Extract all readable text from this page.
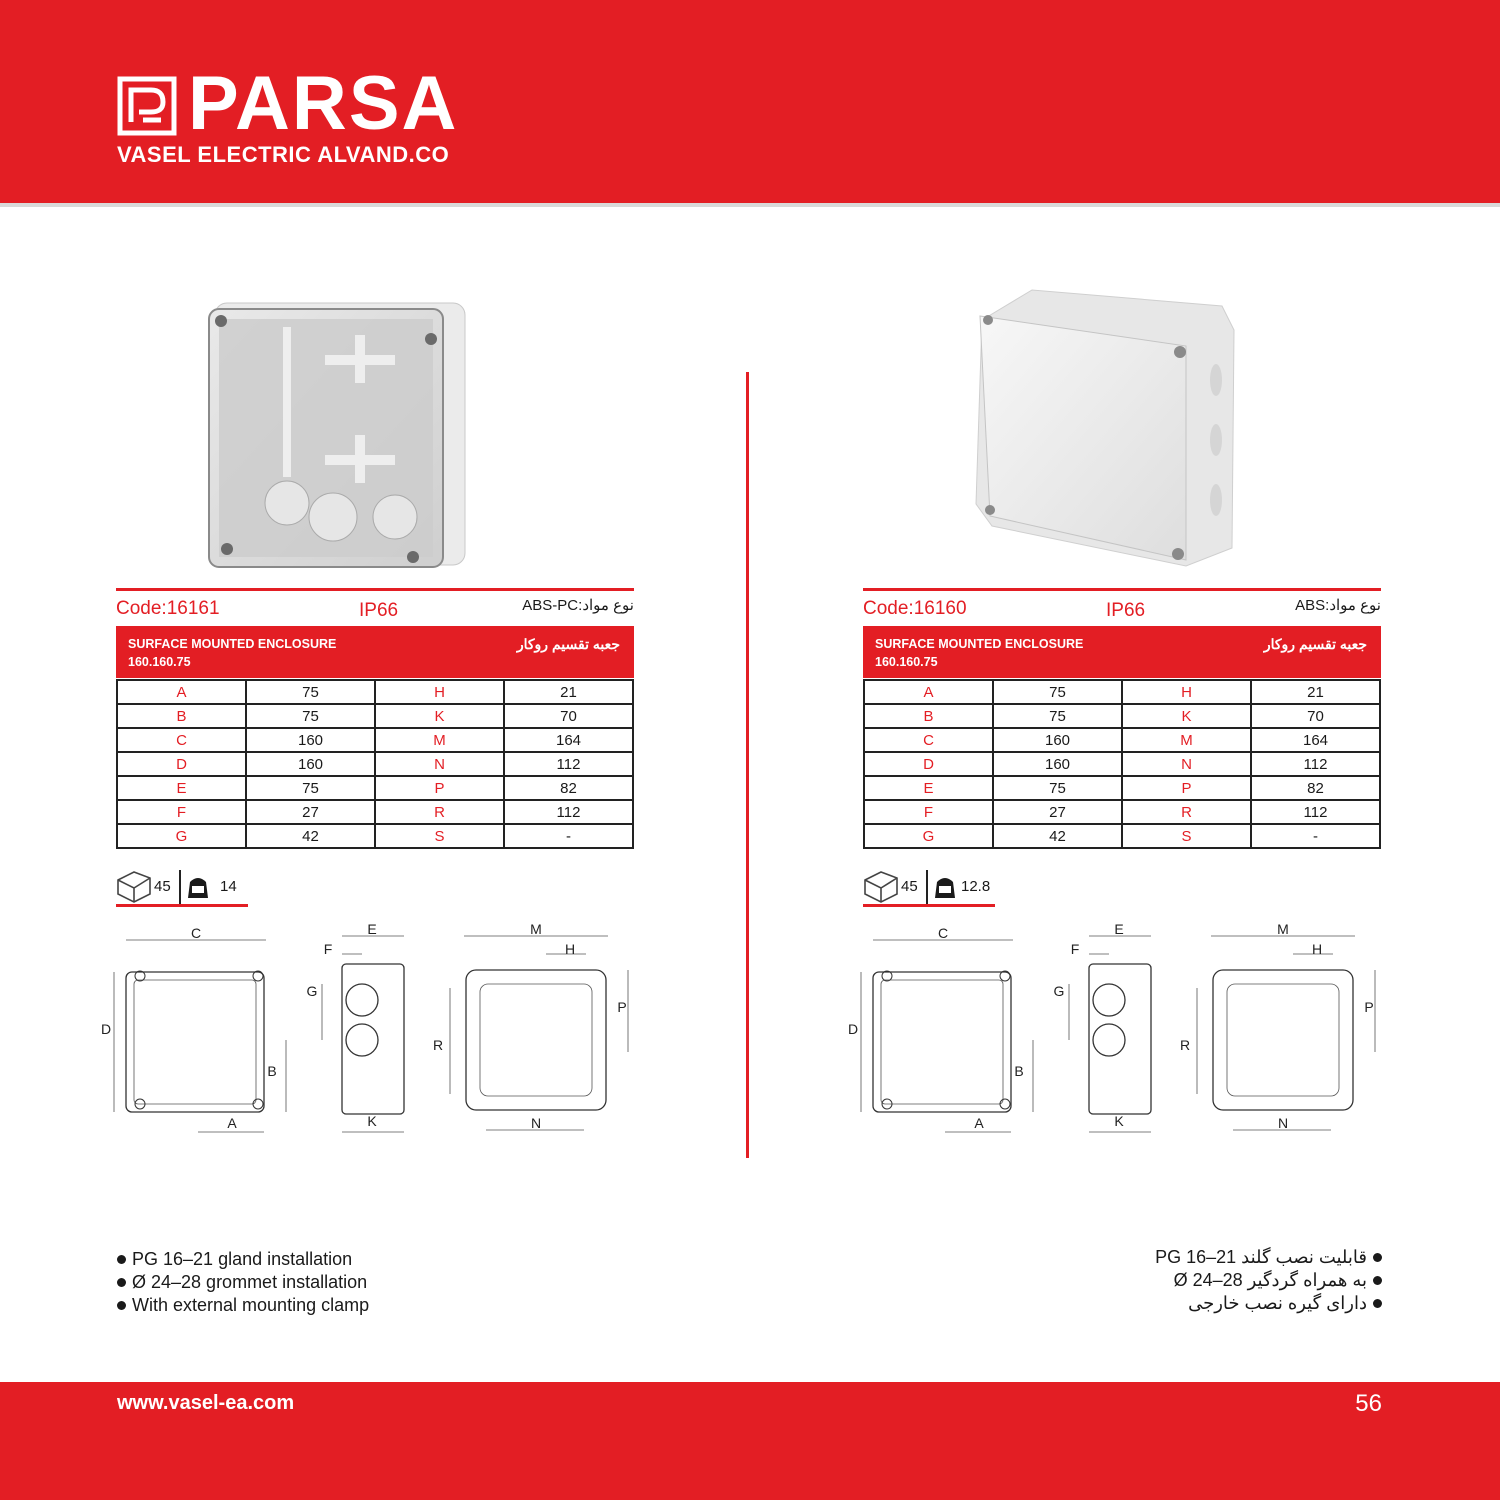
PARSA
VASEL ELECTRIC ALVAND.CO
Code:16161	IP66	ABS-PC:نوع مواد
SURFACE MOUNTED ENCLOSURE
160.160.75
جعبه تقسیم روکار
A	75	H	21
B	75	K	70
C	160	M	164
D	160	N	112
E	75	P	82
F	27	R	112
G	42	S	-
45	14
C
D
A
B
E
F
G
K
M
H
P
R
N
Code:16160	IP66	ABS:نوع مواد
SURFACE MOUNTED ENCLOSURE
160.160.75
جعبه تقسیم روکار
A	75	H	21
B	75	K	70
C	160	M	164
D	160	N	112
E	75	P	82
F	27	R	112
G	42	S	-
45	12.8
C
D
A
B
E
F
G
K
M
H
P
R
N
PG 16–21 gland installation
Ø 24–28 grommet installation
With external mounting clamp
قابلیت نصب گلند PG 16–21
به همراه گردگیر Ø 24–28
دارای گیره نصب خارجی
www.vasel-ea.com	56
